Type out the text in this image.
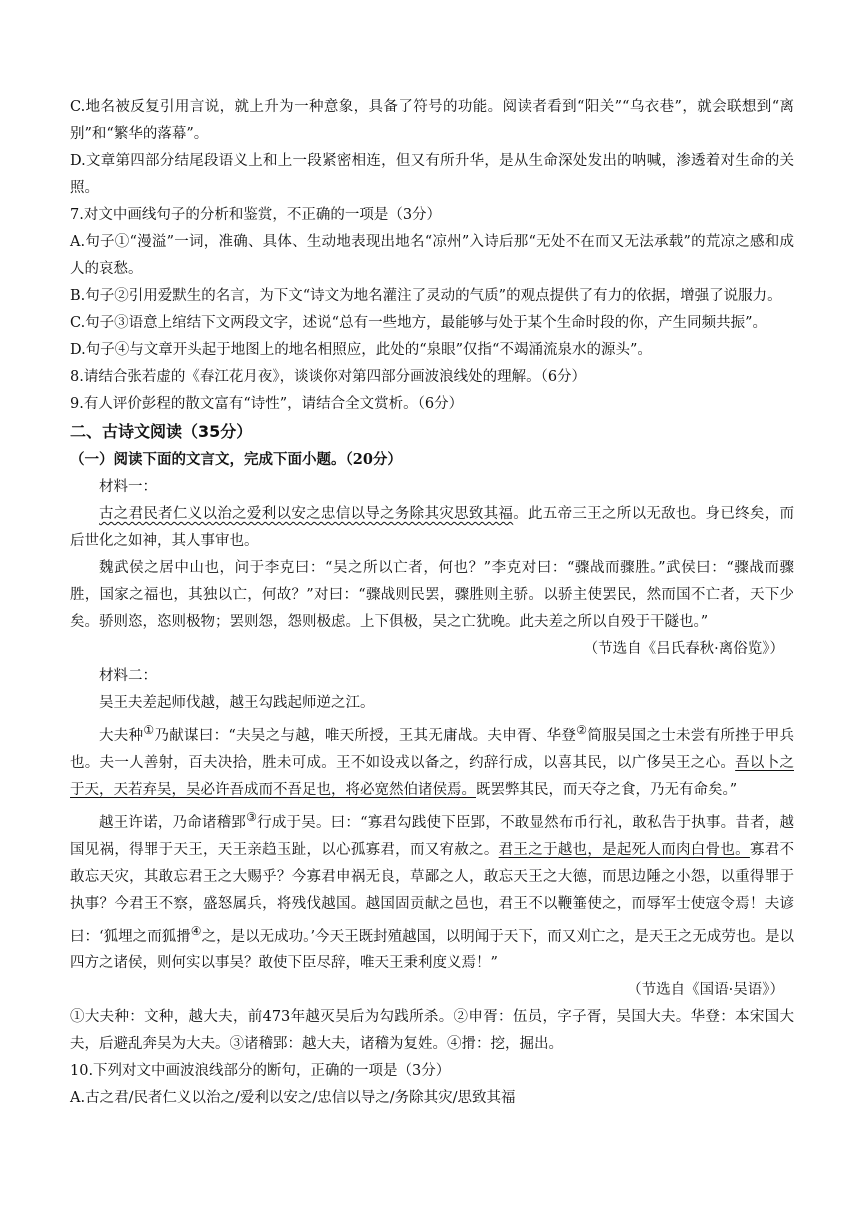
C.地名被反复引用言说，就上升为一种意象，具备了符号的功能。阅读者看到“阳关”“乌衣巷”，就会联想到“离别”和“繁华的落幕”。

D.文章第四部分结尾段语义上和上一段紧密相连，但又有所升华，是从生命深处发出的呐喊，渗透着对生命的关照。

7.对文中画线句子的分析和鉴赏，不正确的一项是（3分）

A.句子①“漫溢”一词，准确、具体、生动地表现出地名“凉州”入诗后那“无处不在而又无法承载”的荒凉之感和成人的哀愁。

B.句子②引用爱默生的名言，为下文“诗文为地名灌注了灵动的气质”的观点提供了有力的依据，增强了说服力。

C.句子③语意上绾结下文两段文字，述说“总有一些地方，最能够与处于某个生命时段的你，产生同频共振”。

D.句子④与文章开头起于地图上的地名相照应，此处的“泉眼”仅指“不竭涌流泉水的源头”。

8.请结合张若虚的《春江花月夜》，谈谈你对第四部分画波浪线处的理解。（6分）

9.有人评价彭程的散文富有“诗性”，请结合全文赏析。（6分）

二、古诗文阅读（35分）

（一）阅读下面的文言文，完成下面小题。（20分）

材料一：

古之君民者仁义以治之爱利以安之忠信以导之务除其灾思致其福。此五帝三王之所以无敌也。身已终矣，而后世化之如神，其人事审也。

魏武侯之居中山也，问于李克曰：“吴之所以亡者，何也？”李克对曰：“骤战而骤胜。”武侯曰：“骤战而骤胜，国家之福也，其独以亡，何故？”对曰：“骤战则民罢，骤胜则主骄。以骄主使罢民，然而国不亡者，天下少矣。骄则恣，恣则极物；罢则怨，怨则极虑。上下俱极，吴之亡犹晚。此夫差之所以自殁于干隧也。”

（节选自《吕氏春秋·离俗览》）

材料二：

吴王夫差起师伐越，越王勾践起师逆之江。

大夫种①乃献谋曰：“夫吴之与越，唯天所授，王其无庸战。夫申胥、华登②简服吴国之士未尝有所挫于甲兵也。夫一人善射，百夫决拾，胜未可成。王不如设戎以备之，约辞行成，以喜其民，以广侈吴王之心。吾以卜之于天，天若弃吴，吴必许吾成而不吾足也，将必宽然伯诸侯焉。既罢弊其民，而天夺之食，乃无有命矣。”

越王许诺，乃命诸稽郢③行成于吴。曰：“寡君勾践使下臣郢，不敢显然布币行礼，敢私告于执事。昔者，越国见祸，得罪于天王，天王亲趋玉趾，以心孤寡君，而又宥赦之。君王之于越也，是起死人而肉白骨也。寡君不敢忘天灾，其敢忘君王之大赐乎？今寡君申祸无良，草鄙之人，敢忘天王之大德，而思边陲之小怨，以重得罪于执事？今君王不察，盛怒属兵，将残伐越国。越国固贡献之邑也，君王不以鞭箠使之，而辱军士使寇令焉！夫谚曰：‘狐埋之而狐搰④之，是以无成功。’今天王既封殖越国，以明闻于天下，而又刈亡之，是天王之无成劳也。是以四方之诸侯，则何实以事吴？敢使下臣尽辞，唯天王秉利度义焉！”

（节选自《国语·吴语》）

①大夫种：文种，越大夫，前473年越灭吴后为勾践所杀。②申胥：伍员，字子胥，吴国大夫。华登：本宋国大夫，后避乱奔吴为大夫。③诸稽郢：越大夫，诸稽为复姓。④搰：挖，掘出。

10.下列对文中画波浪线部分的断句，正确的一项是（3分）

A.古之君/民者仁义以治之/爱利以安之/忠信以导之/务除其灾/思致其福
